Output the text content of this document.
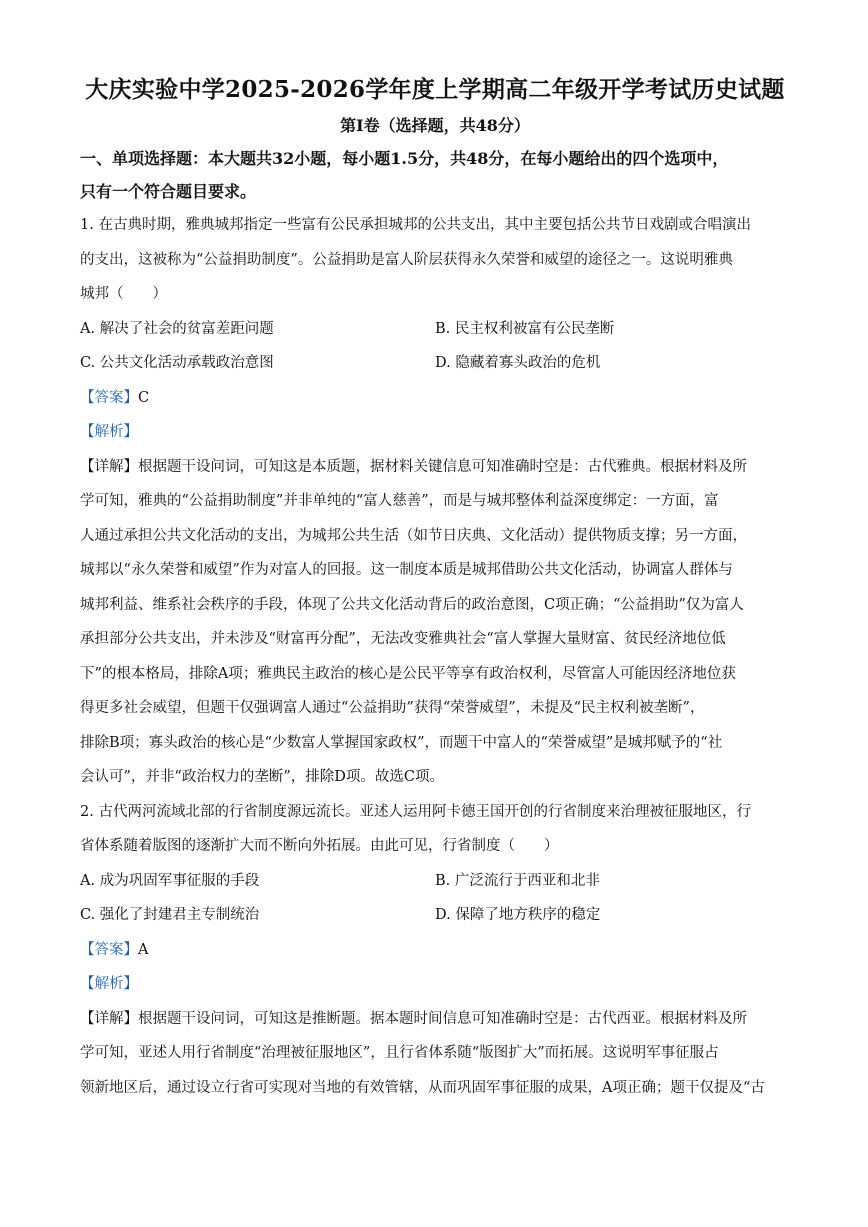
大庆实验中学2025-2026学年度上学期高二年级开学考试历史试题
第Ⅰ卷（选择题，共48分）
一、单项选择题：本大题共32小题，每小题1.5分，共48分，在每小题给出的四个选项中，
只有一个符合题目要求。
1. 在古典时期，雅典城邦指定一些富有公民承担城邦的公共支出，其中主要包括公共节日戏剧或合唱演出
的支出，这被称为“公益捐助制度”。公益捐助是富人阶层获得永久荣誉和威望的途径之一。这说明雅典
城邦（　　）
A. 解决了社会的贫富差距问题	B. 民主权利被富有公民垄断
C. 公共文化活动承载政治意图	D. 隐藏着寡头政治的危机
【答案】C
【解析】
【详解】根据题干设问词，可知这是本质题，据材料关键信息可知准确时空是：古代雅典。根据材料及所
学可知，雅典的“公益捐助制度”并非单纯的“富人慈善”，而是与城邦整体利益深度绑定：一方面，富
人通过承担公共文化活动的支出，为城邦公共生活（如节日庆典、文化活动）提供物质支撑；另一方面，
城邦以“永久荣誉和威望”作为对富人的回报。这一制度本质是城邦借助公共文化活动，协调富人群体与
城邦利益、维系社会秩序的手段，体现了公共文化活动背后的政治意图，C项正确；“公益捐助”仅为富人
承担部分公共支出，并未涉及“财富再分配”，无法改变雅典社会“富人掌握大量财富、贫民经济地位低
下”的根本格局，排除A项；雅典民主政治的核心是公民平等享有政治权利，尽管富人可能因经济地位获
得更多社会威望，但题干仅强调富人通过“公益捐助”获得“荣誉威望”，未提及“民主权利被垄断”，
排除B项；寡头政治的核心是“少数富人掌握国家政权”，而题干中富人的“荣誉威望”是城邦赋予的“社
会认可”，并非“政治权力的垄断”，排除D项。故选C项。
2. 古代两河流域北部的行省制度源远流长。亚述人运用阿卡德王国开创的行省制度来治理被征服地区，行
省体系随着版图的逐渐扩大而不断向外拓展。由此可见，行省制度（　　）
A. 成为巩固军事征服的手段	B. 广泛流行于西亚和北非
C. 强化了封建君主专制统治	D. 保障了地方秩序的稳定
【答案】A
【解析】
【详解】根据题干设问词，可知这是推断题。据本题时间信息可知准确时空是：古代西亚。根据材料及所
学可知，亚述人用行省制度“治理被征服地区”，且行省体系随“版图扩大”而拓展。这说明军事征服占
领新地区后，通过设立行省可实现对当地的有效管辖，从而巩固军事征服的成果，A项正确；题干仅提及“古
